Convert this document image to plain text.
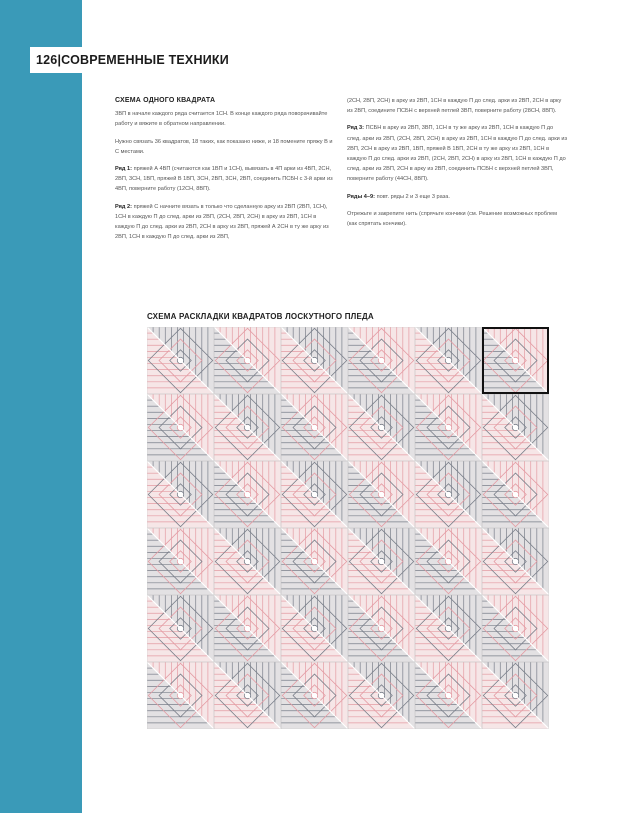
126|СОВРЕМЕННЫЕ ТЕХНИКИ
СХЕМА ОДНОГО КВАДРАТА

ЗВП в начале каждого ряда считается 1СН. В конце каждого ряда поворачивайте работу и вяжите в обратном направлении.

Нужно связать 36 квадратов, 18 таких, как показано ниже, и 18 помените пряжу В и С местами.

Ряд 1: пряжей А 4ВП (считаются как 1ВП и 1СН), вывязать в 4П арки из 4ВП, 2СН, 2ВП, 3СН, 1ВП, пряжей В 1ВП, 3СН, 2ВП, 3СН, 2ВП, соединить ПСБН с 3-й арки из 4ВП, поверните работу (12СН, 8ВП).

Ряд 2: пряжей С начните вязать в только что сделанную арку из 2ВП (2ВП, 1СН), 1СН в каждую П до след. арки из 2ВП, (2СН, 2ВП, 2СН) в арку из 2ВП, 1СН в каждую П до след. арки из 2ВП, 2СН в арку из 2ВП, пряжей А 2СН в ту же арку из 2ВП, 1СН в каждую П до след. арки из 2ВП,

(2СН, 2ВП, 2СН) в арку из 2ВП, 1СН в каждую П до след. арки из 2ВП, 2СН в арку из 2ВП, соедините ПСБН с верхней петлей 3ВП, поверните работу (28СН, 8ВП).

Ряд 3: ПСБН в арку из 2ВП, 3ВП, 1СН в ту же арку из 2ВП, 1СН в каждую П до след. арки из 2ВП, (2СН, 2ВП, 2СН) в арку из 2ВП, 1СН в каждую П до след. арки из 2ВП, 2СН в арку из 2ВП, 1ВП, пряжей В 1ВП, 2СН в ту же арку из 2ВП, 1СН в каждую П до след. арки из 2ВП, (2СН, 2ВП, 2СН) в арку из 2ВП, 1СН в каждую П до след. арки из 2ВП, 2СН в арку из 2ВП, соединить ПСБН с верхней петлей 3ВП, поверните работу (44СН, 8ВП).

Ряды 4–9: повт. ряды 2 и 3 еще 3 раза.

Отрежьте и закрепите нить (спрячьте кончики (см. Решение возможных проблем (как спрятать кончики).

СХЕМА РАСКЛАДКИ КВАДРАТОВ ЛОСКУТНОГО ПЛЕДА
